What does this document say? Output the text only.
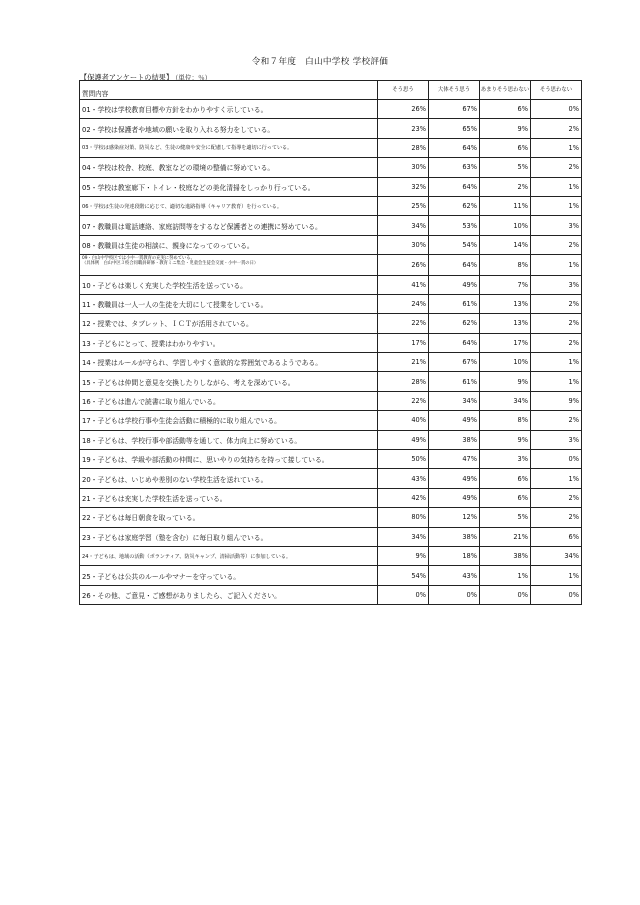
令和７年度　白山中学校 学校評価
【保護者アンケートの結果】 （単位：％）
質問内容	そう思う	大体そう思う	あまりそう思わない	そう思わない

01・学校は学校教育目標や方針をわかりやすく示している。	26%	67%	6%	0%

02・学校は保護者や地域の願いを取り入れる努力をしている。	23%	65%	9%	2%

03・学校は感染症対策、防災など、生徒の健康や安全に配慮して指導を適切に行っている。	28%	64%	6%	1%

04・学校は校舎、校庭、教室などの環境の整備に努めている。	30%	63%	5%	2%

05・学校は教室廊下・トイレ・校庭などの美化清掃をしっかり行っている。	32%	64%	2%	1%

06・学校は生徒の発達段階に応じて、適切な進路指導（キャリア教育）を行っている。	25%	62%	11%	1%

07・教職員は電話連絡、家庭訪問等をするなど保護者との連携に努めている。	34%	53%	10%	3%

08・教職員は生徒の相談に、親身になってのっている。	30%	54%	14%	2%

09・白山中学校区では小中一貫教育の充実に努めている。
（具体例　白山中区３校合同職員研修・教育ミニ集会・児童会生徒会交流・小中一貫の日）	26%	64%	8%	1%

10・子どもは楽しく充実した学校生活を送っている。	41%	49%	7%	3%

11・教職員は一人一人の生徒を大切にして授業をしている。	24%	61%	13%	2%

12・授業では、タブレット、ＩＣＴが活用されている。	22%	62%	13%	2%

13・子どもにとって、授業はわかりやすい。	17%	64%	17%	2%

14・授業はルールが守られ、学習しやすく意欲的な雰囲気であるようである。	21%	67%	10%	1%

15・子どもは仲間と意見を交換したりしながら、考えを深めている。	28%	61%	9%	1%

16・子どもは進んで読書に取り組んでいる。	22%	34%	34%	9%

17・子どもは学校行事や生徒会活動に積極的に取り組んでいる。	40%	49%	8%	2%

18・子どもは、学校行事や部活動等を通して、体力向上に努めている。	49%	38%	9%	3%

19・子どもは、学級や部活動の仲間に、思いやりの気持ちを持って接している。	50%	47%	3%	0%

20・子どもは、いじめや差別のない学校生活を送れている。	43%	49%	6%	1%

21・子どもは充実した学校生活を送っている。	42%	49%	6%	2%

22・子どもは毎日朝食を取っている。	80%	12%	5%	2%

23・子どもは家庭学習（塾を含む）に毎日取り組んでいる。	34%	38%	21%	6%

24・子どもは、地域の活動（ボランティア、防災キャンプ、清掃活動等）に参加している。	9%	18%	38%	34%

25・子どもは公共のルールやマナーを守っている。	54%	43%	1%	1%

26・その他、ご意見・ご感想がありましたら、ご記入ください。	0%	0%	0%	0%
